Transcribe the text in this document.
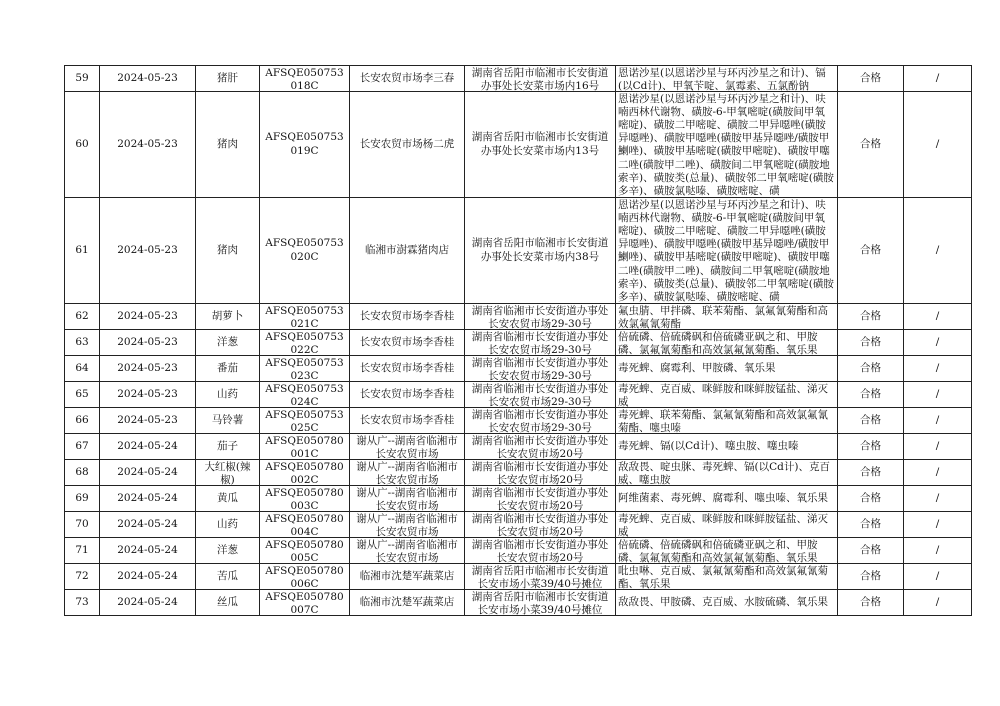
59	2024-05-23	猪肝	AFSQE050753018C	长安农贸市场李三春	湖南省岳阳市临湘市长安街道办事处长安菜市场内16号	恩诺沙星(以恩诺沙星与环丙沙星之和计)、镉(以Cd计)、甲氧苄啶、氯霉素、五氯酚钠	合格	/

60	2024-05-23	猪肉	AFSQE050753019C	长安农贸市场杨二虎	湖南省岳阳市临湘市长安街道办事处长安菜市场内13号	恩诺沙星(以恩诺沙星与环丙沙星之和计)、呋喃西林代谢物、磺胺-6-甲氧嘧啶(磺胺间甲氧嘧啶)、磺胺二甲嘧啶、磺胺二甲异噁唑(磺胺异噁唑)、磺胺甲噁唑(磺胺甲基异噁唑/磺胺甲鯻唑)、磺胺甲基嘧啶(磺胺甲嘧啶)、磺胺甲噻二唑(磺胺甲二唑)、磺胺间二甲氧嘧啶(磺胺地索辛)、磺胺类(总量)、磺胺邻二甲氧嘧啶(磺胺多辛)、磺胺氯哒嗪、磺胺嘧啶、磺	合格	/

61	2024-05-23	猪肉	AFSQE050753020C	临湘市澍霖猪肉店	湖南省岳阳市临湘市长安街道办事处长安菜市场内38号	恩诺沙星(以恩诺沙星与环丙沙星之和计)、呋喃西林代谢物、磺胺-6-甲氧嘧啶(磺胺间甲氧嘧啶)、磺胺二甲嘧啶、磺胺二甲异噁唑(磺胺异噁唑)、磺胺甲噁唑(磺胺甲基异噁唑/磺胺甲鯻唑)、磺胺甲基嘧啶(磺胺甲嘧啶)、磺胺甲噻二唑(磺胺甲二唑)、磺胺间二甲氧嘧啶(磺胺地索辛)、磺胺类(总量)、磺胺邻二甲氧嘧啶(磺胺多辛)、磺胺氯哒嗪、磺胺嘧啶、磺	合格	/

62	2024-05-23	胡萝卜	AFSQE050753021C	长安农贸市场李香桂	湖南省临湘市长安街道办事处长安农贸市场29-30号	氟虫腈、甲拌磷、联苯菊酯、氯氟氰菊酯和高效氯氟氰菊酯	合格	/

63	2024-05-23	洋葱	AFSQE050753022C	长安农贸市场李香桂	湖南省临湘市长安街道办事处长安农贸市场29-30号	倍硫磷、倍硫磷砜和倍硫磷亚砜之和、甲胺磷、氯氟氰菊酯和高效氯氟氰菊酯、氧乐果	合格	/

64	2024-05-23	番茄	AFSQE050753023C	长安农贸市场李香桂	湖南省临湘市长安街道办事处长安农贸市场29-30号	毒死蜱、腐霉利、甲胺磷、氧乐果	合格	/

65	2024-05-23	山药	AFSQE050753024C	长安农贸市场李香桂	湖南省临湘市长安街道办事处长安农贸市场29-30号	毒死蜱、克百威、咪鲜胺和咪鲜胺锰盐、涕灭威	合格	/

66	2024-05-23	马铃薯	AFSQE050753025C	长安农贸市场李香桂	湖南省临湘市长安街道办事处长安农贸市场29-30号	毒死蜱、联苯菊酯、氯氟氰菊酯和高效氯氟氰菊酯、噻虫嗪	合格	/

67	2024-05-24	茄子	AFSQE050780001C	谢从广--湖南省临湘市长安农贸市场	湖南省临湘市长安街道办事处长安农贸市场20号	毒死蜱、镉(以Cd计)、噻虫胺、噻虫嗪	合格	/

68	2024-05-24	大红椒(辣椒)	AFSQE050780002C	谢从广--湖南省临湘市长安农贸市场	湖南省临湘市长安街道办事处长安农贸市场20号	敌敌畏、啶虫脒、毒死蜱、镉(以Cd计)、克百威、噻虫胺	合格	/

69	2024-05-24	黄瓜	AFSQE050780003C	谢从广--湖南省临湘市长安农贸市场	湖南省临湘市长安街道办事处长安农贸市场20号	阿维菌素、毒死蜱、腐霉利、噻虫嗪、氧乐果	合格	/

70	2024-05-24	山药	AFSQE050780004C	谢从广--湖南省临湘市长安农贸市场	湖南省临湘市长安街道办事处长安农贸市场20号	毒死蜱、克百威、咪鲜胺和咪鲜胺锰盐、涕灭威	合格	/

71	2024-05-24	洋葱	AFSQE050780005C	谢从广--湖南省临湘市长安农贸市场	湖南省临湘市长安街道办事处长安农贸市场20号	倍硫磷、倍硫磷砜和倍硫磷亚砜之和、甲胺磷、氯氟氰菊酯和高效氯氟氰菊酯、氧乐果	合格	/

72	2024-05-24	苦瓜	AFSQE050780006C	临湘市沈楚军蔬菜店	湖南省岳阳市临湘市长安街道长安市场小菜39/40号摊位	吡虫啉、克百威、氯氟氰菊酯和高效氯氟氰菊酯、氧乐果	合格	/

73	2024-05-24	丝瓜	AFSQE050780007C	临湘市沈楚军蔬菜店	湖南省岳阳市临湘市长安街道长安市场小菜39/40号摊位	敌敌畏、甲胺磷、克百威、水胺硫磷、氧乐果	合格	/
